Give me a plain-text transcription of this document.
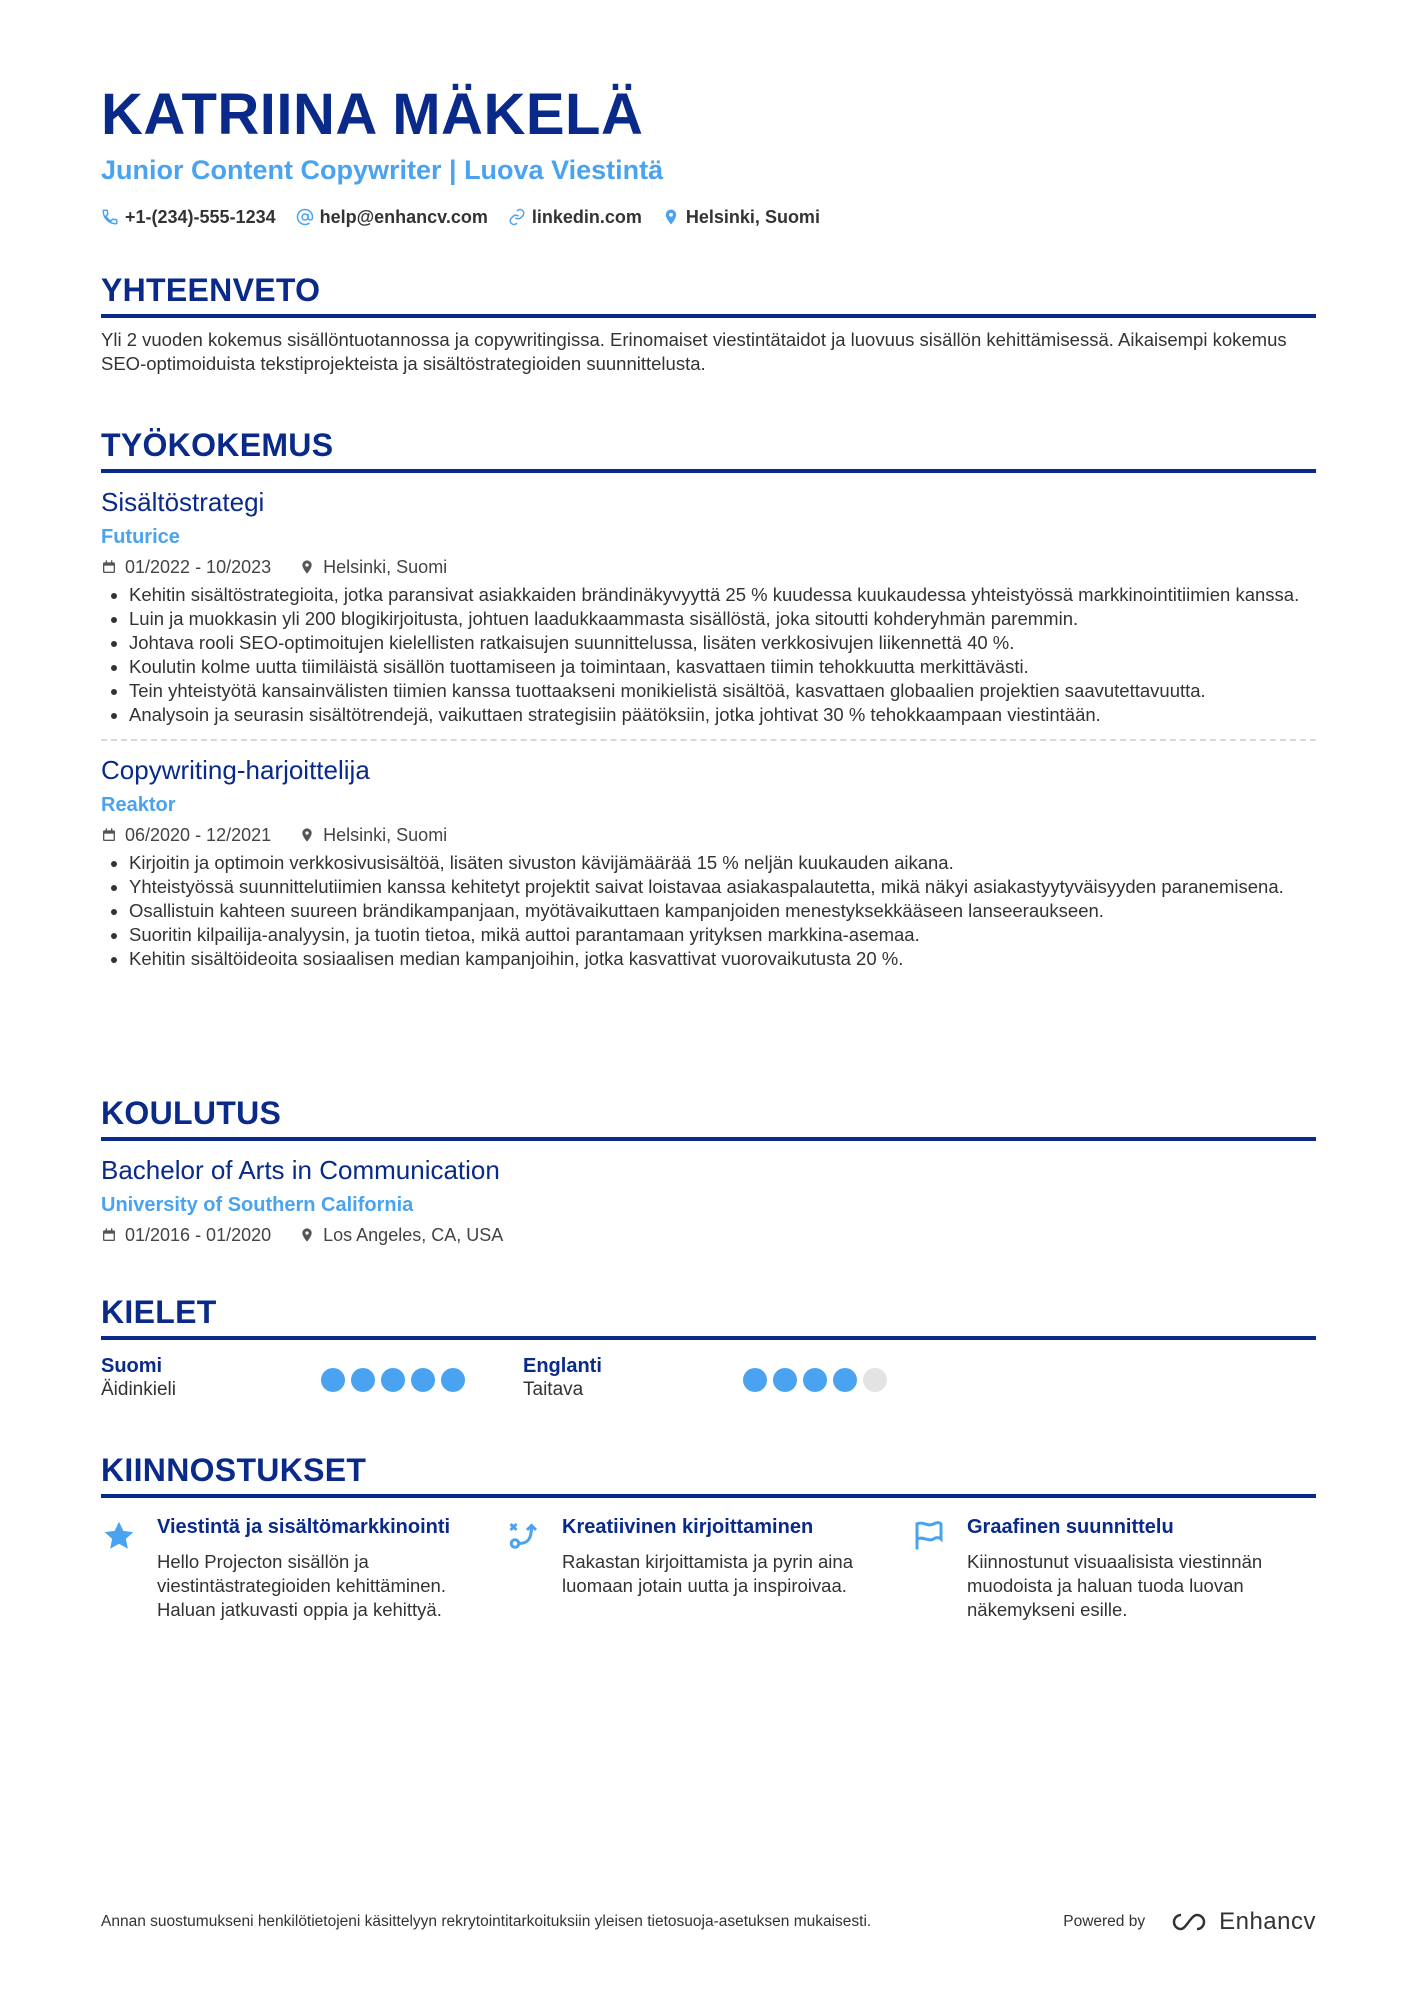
KATRIINA MÄKELÄ
Junior Content Copywriter | Luova Viestintä
+1-(234)-555-1234 help@enhancv.com linkedin.com Helsinki, Suomi
YHTEENVETO
Yli 2 vuoden kokemus sisällöntuotannossa ja copywritingissa. Erinomaiset viestintätaidot ja luovuus sisällön kehittämisessä. Aikaisempi kokemus SEO-optimoiduista tekstiprojekteista ja sisältöstrategioiden suunnittelusta.
TYÖKOKEMUS
Sisältöstrategi
Futurice
01/2022 - 10/2023	Helsinki, Suomi
• Kehitin sisältöstrategioita, jotka paransivat asiakkaiden brändinäkyvyyttä 25 % kuudessa kuukaudessa yhteistyössä markkinointitiimien kanssa.
• Luin ja muokkasin yli 200 blogikirjoitusta, johtuen laadukkaammasta sisällöstä, joka sitoutti kohderyhmän paremmin.
• Johtava rooli SEO-optimoitujen kielellisten ratkaisujen suunnittelussa, lisäten verkkosivujen liikennettä 40 %.
• Koulutin kolme uutta tiimiläistä sisällön tuottamiseen ja toimintaan, kasvattaen tiimin tehokkuutta merkittävästi.
• Tein yhteistyötä kansainvälisten tiimien kanssa tuottaakseni monikielistä sisältöä, kasvattaen globaalien projektien saavutettavuutta.
• Analysoin ja seurasin sisältötrendejä, vaikuttaen strategisiin päätöksiin, jotka johtivat 30 % tehokkaampaan viestintään.
Copywriting-harjoittelija
Reaktor
06/2020 - 12/2021	Helsinki, Suomi
• Kirjoitin ja optimoin verkkosivusisältöä, lisäten sivuston kävijämäärää 15 % neljän kuukauden aikana.
• Yhteistyössä suunnittelutiimien kanssa kehitetyt projektit saivat loistavaa asiakaspalautetta, mikä näkyi asiakastyytyväisyyden paranemisena.
• Osallistuin kahteen suureen brändikampanjaan, myötävaikuttaen kampanjoiden menestyksekkääseen lanseeraukseen.
• Suoritin kilpailija-analyysin, ja tuotin tietoa, mikä auttoi parantamaan yrityksen markkina-asemaa.
• Kehitin sisältöideoita sosiaalisen median kampanjoihin, jotka kasvattivat vuorovaikutusta 20 %.
KOULUTUS
Bachelor of Arts in Communication
University of Southern California
01/2016 - 01/2020	Los Angeles, CA, USA
KIELET
Suomi
Äidinkieli
Englanti
Taitava
KIINNOSTUKSET
Viestintä ja sisältömarkkinointi
Hello Projecton sisällön ja viestintästrategioiden kehittäminen. Haluan jatkuvasti oppia ja kehittyä.
Kreatiivinen kirjoittaminen
Rakastan kirjoittamista ja pyrin aina luomaan jotain uutta ja inspiroivaa.
Graafinen suunnittelu
Kiinnostunut visuaalisista viestinnän muodoista ja haluan tuoda luovan näkemykseni esille.
Annan suostumukseni henkilötietojeni käsittelyyn rekrytointitarkoituksiin yleisen tietosuoja-asetuksen mukaisesti.	Powered by	Enhancv
